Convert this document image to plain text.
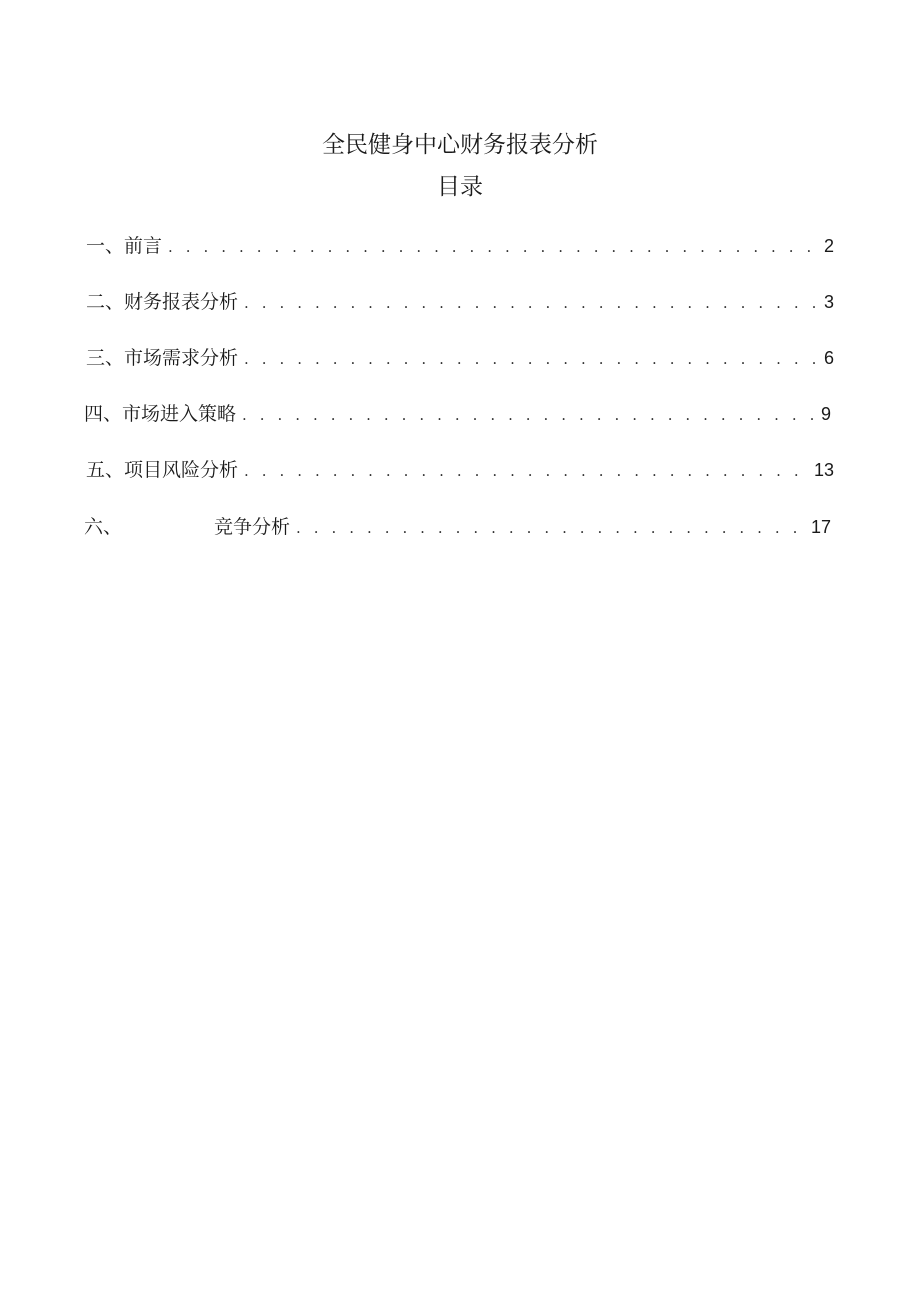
全民健身中心财务报表分析
目录
一、 前言 . . .	2
二、 财务报表分析 . . .	3
三、 市场需求分析 . . .	6
四、 市场进入策略 . . .	9
五、 项目风险分析 . . .	13
六、	竞争分析 . . .	17
